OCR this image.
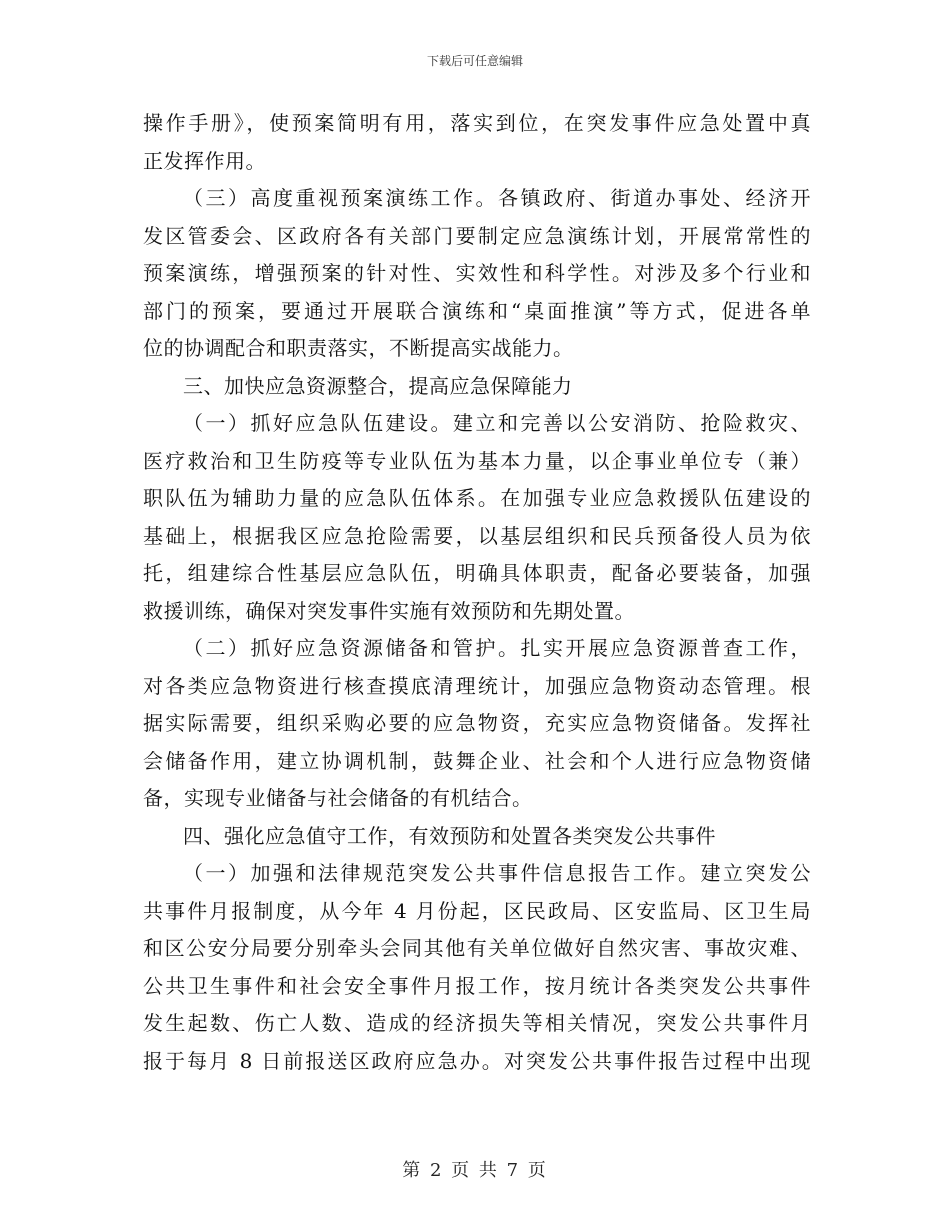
下载后可任意编辑
操作手册》，使预案简明有用，落实到位，在突发事件应急处置中真
正发挥作用。
（三）高度重视预案演练工作。各镇政府、街道办事处、经济开
发区管委会、区政府各有关部门要制定应急演练计划，开展常常性的
预案演练，增强预案的针对性、实效性和科学性。对涉及多个行业和
部门的预案，要通过开展联合演练和“桌面推演”等方式，促进各单
位的协调配合和职责落实，不断提高实战能力。
三、加快应急资源整合，提高应急保障能力
（一）抓好应急队伍建设。建立和完善以公安消防、抢险救灾、
医疗救治和卫生防疫等专业队伍为基本力量，以企事业单位专（兼）
职队伍为辅助力量的应急队伍体系。在加强专业应急救援队伍建设的
基础上，根据我区应急抢险需要，以基层组织和民兵预备役人员为依
托，组建综合性基层应急队伍，明确具体职责，配备必要装备，加强
救援训练，确保对突发事件实施有效预防和先期处置。
（二）抓好应急资源储备和管护。扎实开展应急资源普查工作，
对各类应急物资进行核查摸底清理统计，加强应急物资动态管理。根
据实际需要，组织采购必要的应急物资，充实应急物资储备。发挥社
会储备作用，建立协调机制，鼓舞企业、社会和个人进行应急物资储
备，实现专业储备与社会储备的有机结合。
四、强化应急值守工作，有效预防和处置各类突发公共事件
（一）加强和法律规范突发公共事件信息报告工作。建立突发公
共事件月报制度，从今年 4 月份起，区民政局、区安监局、区卫生局
和区公安分局要分别牵头会同其他有关单位做好自然灾害、事故灾难、
公共卫生事件和社会安全事件月报工作，按月统计各类突发公共事件
发生起数、伤亡人数、造成的经济损失等相关情况，突发公共事件月
报于每月 8 日前报送区政府应急办。对突发公共事件报告过程中出现
第 2 页 共 7 页
